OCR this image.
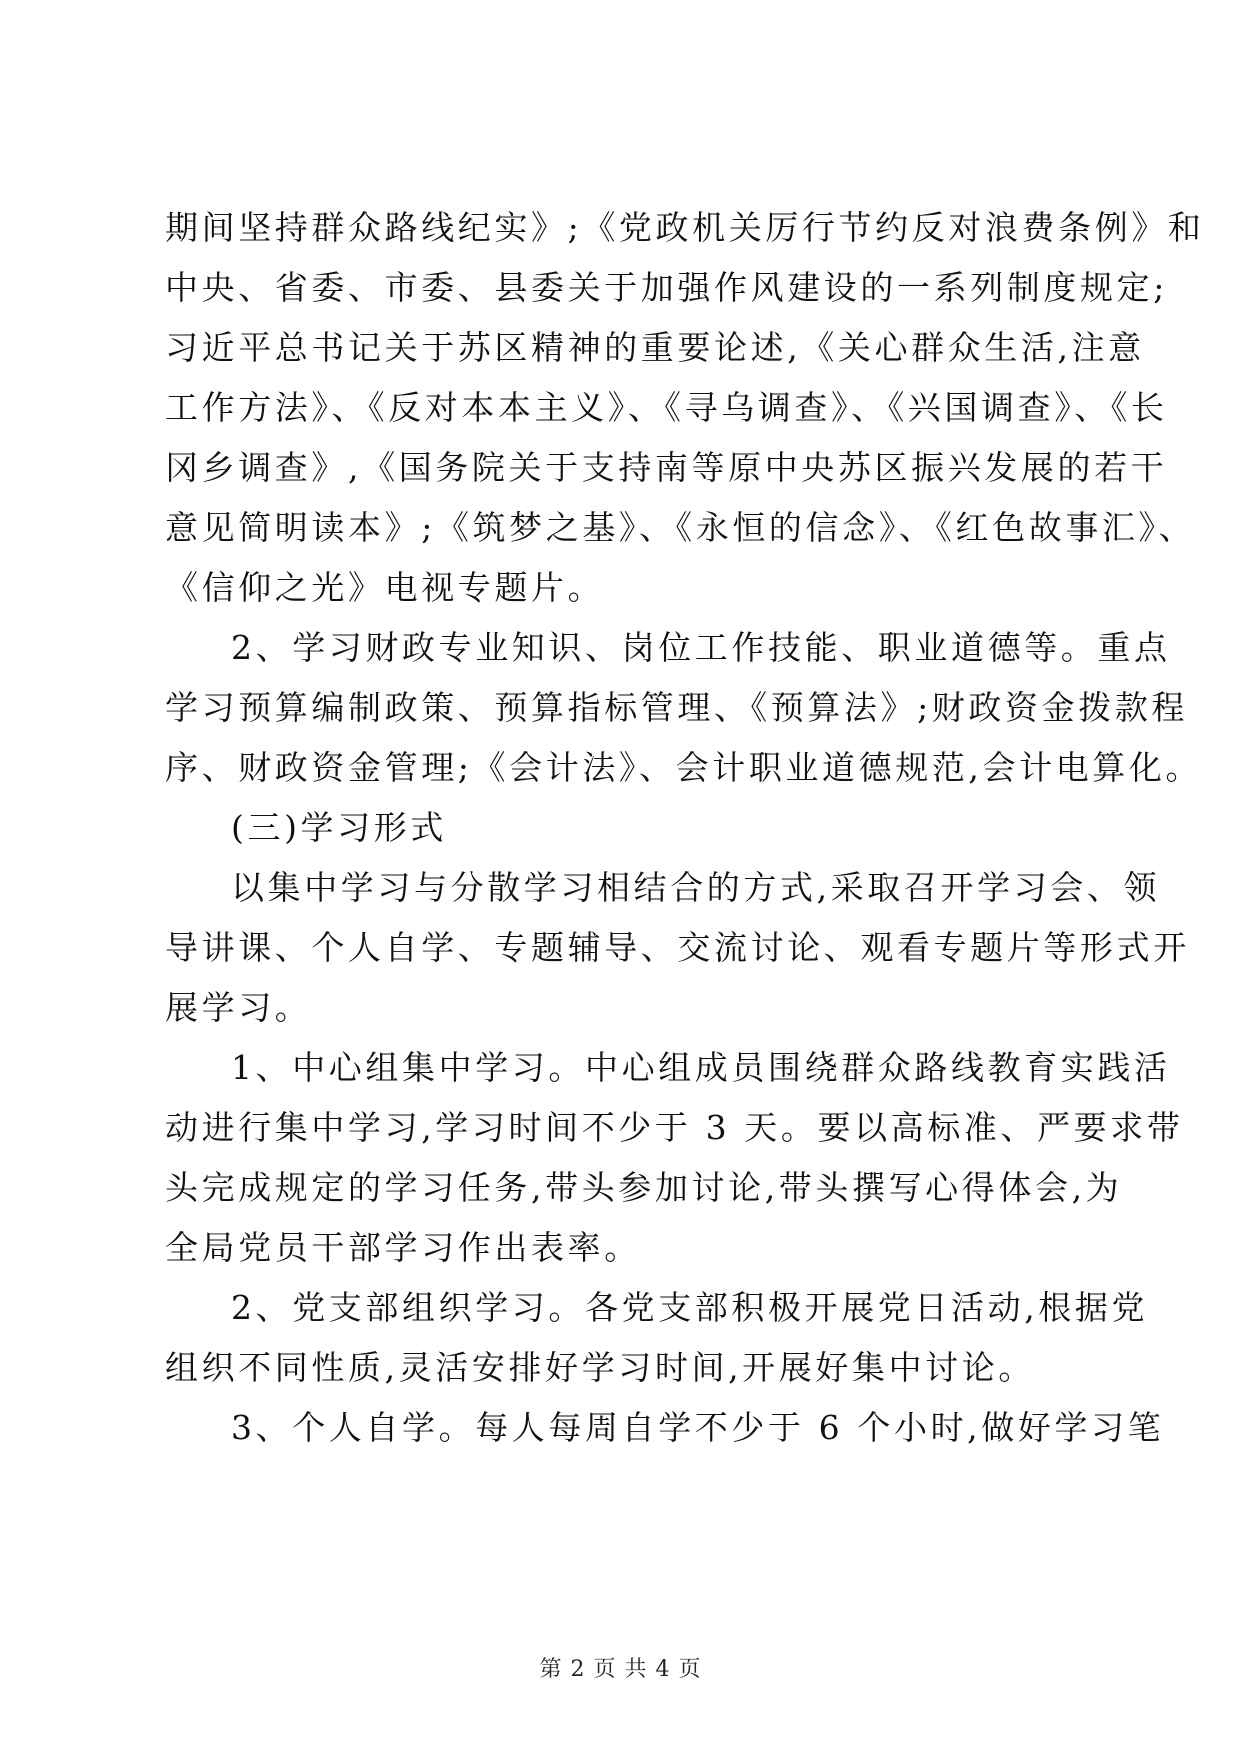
期间坚持群众路线纪实》;《党政机关厉行节约反对浪费条例》和
中央、省委、市委、县委关于加强作风建设的一系列制度规定;
习近平总书记关于苏区精神的重要论述,《关心群众生活,注意
工作方法》、《反对本本主义》、《寻乌调查》、《兴国调查》、《长
冈乡调查》,《国务院关于支持南等原中央苏区振兴发展的若干
意见简明读本》;《筑梦之基》、《永恒的信念》、《红色故事汇》、
《信仰之光》电视专题片。
2、学习财政专业知识、岗位工作技能、职业道德等。重点
学习预算编制政策、预算指标管理、《预算法》;财政资金拨款程
序、财政资金管理;《会计法》、会计职业道德规范,会计电算化。
(三)学习形式
以集中学习与分散学习相结合的方式,采取召开学习会、领
导讲课、个人自学、专题辅导、交流讨论、观看专题片等形式开
展学习。
1、中心组集中学习。中心组成员围绕群众路线教育实践活
动进行集中学习,学习时间不少于 3 天。要以高标准、严要求带
头完成规定的学习任务,带头参加讨论,带头撰写心得体会,为
全局党员干部学习作出表率。
2、党支部组织学习。各党支部积极开展党日活动,根据党
组织不同性质,灵活安排好学习时间,开展好集中讨论。
3、个人自学。每人每周自学不少于 6 个小时,做好学习笔
第 2 页 共 4 页
